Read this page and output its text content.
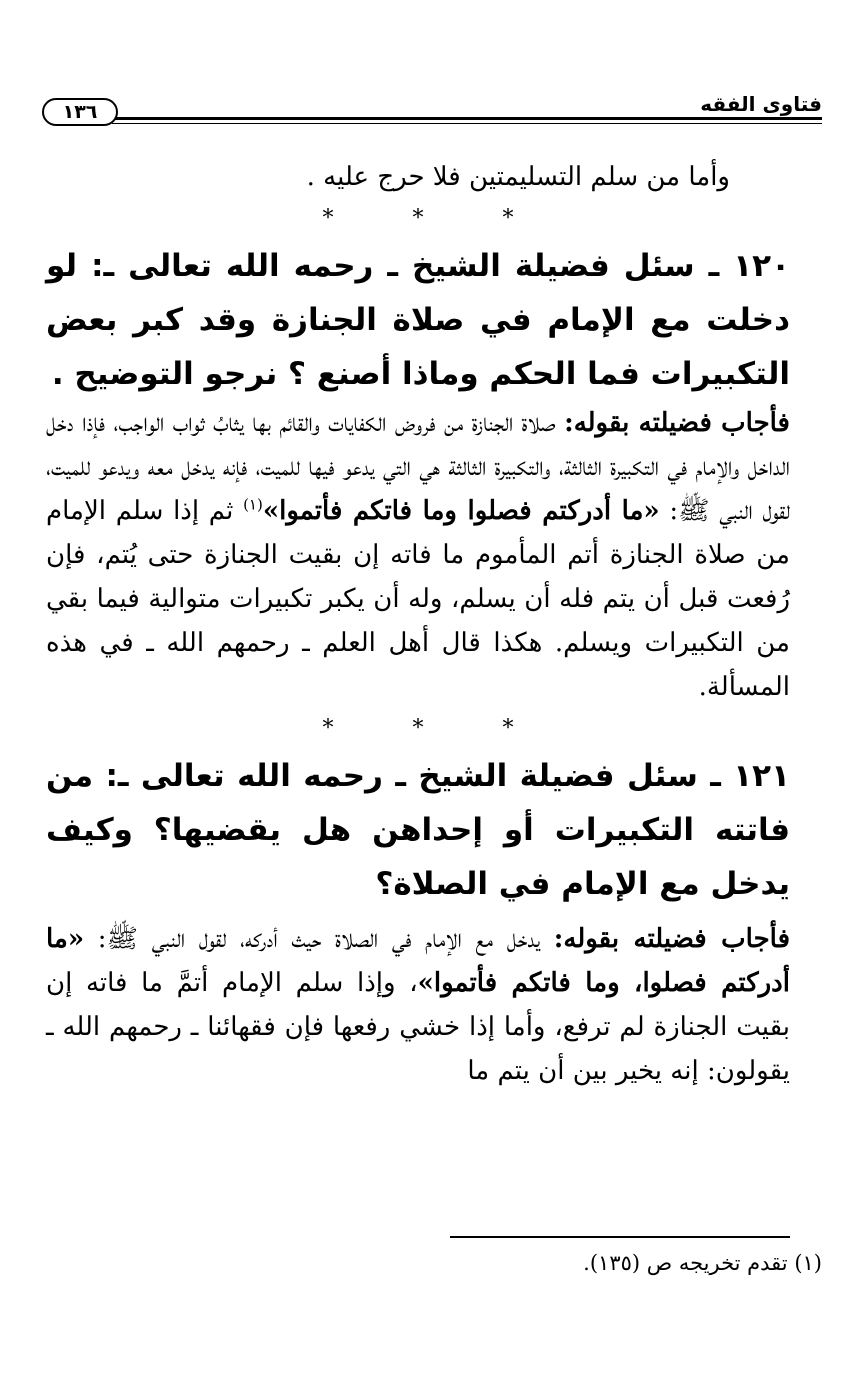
فتاوى الفقه
١٣٦

وأما من سلم التسليمتين فلا حرج عليه .

* * *

١٢٠ ـ سئل فضيلة الشيخ ـ رحمه الله تعالى ـ: لو دخلت مع الإمام في صلاة الجنازة وقد كبر بعض التكبيرات فما الحكم وماذا أصنع ؟ نرجو التوضيح .

فأجاب فضيلته بقوله: صلاة الجنازة من فروض الكفايات والقائم بها يثابُ ثواب الواجب، فإذا دخل الداخل والإمام في التكبيرة الثالثة، والتكبيرة الثالثة هي التي يدعو فيها للميت، فإنه يدخل معه ويدعو للميت، لقول النبي ﷺ: «ما أدركتم فصلوا وما فاتكم فأتموا»$^{(١)}$ ثم إذا سلم الإمام من صلاة الجنازة أتم المأموم ما فاته إن بقيت الجنازة حتى يُتم، فإن رُفعت قبل أن يتم فله أن يسلم، وله أن يكبر تكبيرات متوالية فيما بقي من التكبيرات ويسلم. هكذا قال أهل العلم ـ رحمهم الله ـ في هذه المسألة.

* * *

١٢١ ـ سئل فضيلة الشيخ ـ رحمه الله تعالى ـ: من فاتته التكبيرات أو إحداهن هل يقضيها؟ وكيف يدخل مع الإمام في الصلاة؟

فأجاب فضيلته بقوله: يدخل مع الإمام في الصلاة حيث أدركه، لقول النبي ﷺ: «ما أدركتم فصلوا، وما فاتكم فأتموا»، وإذا سلم الإمام أتمَّ ما فاته إن بقيت الجنازة لم ترفع، وأما إذا خشي رفعها فإن فقهائنا ـ رحمهم الله ـ يقولون: إنه يخير بين أن يتم ما

(١) تقدم تخريجه ص (١٣٥).
